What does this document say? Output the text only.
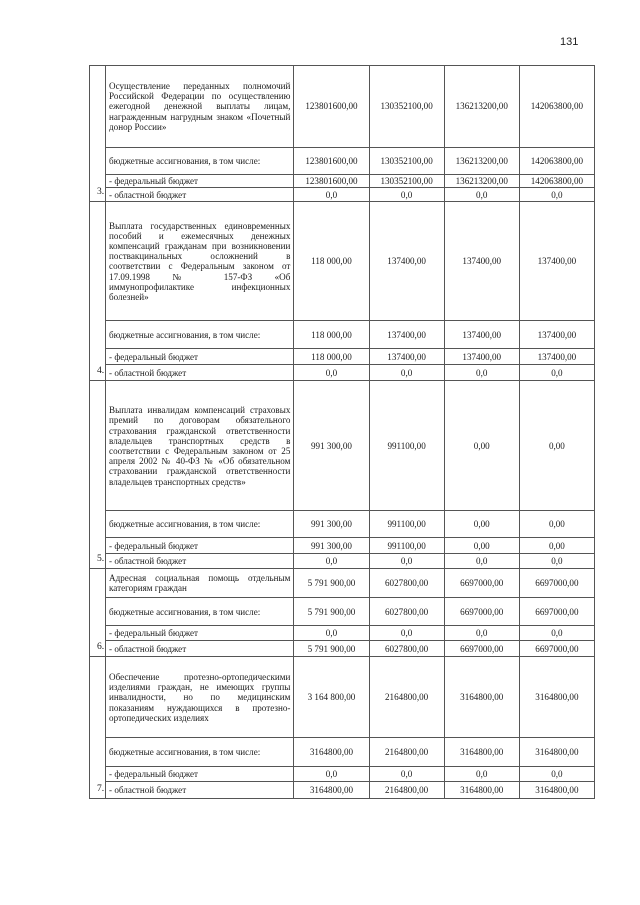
131
3.	Осуществление переданных полномочий Российской Федерации по осуществлению ежегодной денежной выплаты лицам, награжденным нагрудным знаком «Почетный донор России»	123801600,00	130352100,00	136213200,00	142063800,00
	бюджетные ассигнования, в том числе:	123801600,00	130352100,00	136213200,00	142063800,00
	- федеральный бюджет	123801600,00	130352100,00	136213200,00	142063800,00
	- областной бюджет	0,0	0,0	0,0	0,0
4.	Выплата государственных единовременных пособий и ежемесячных денежных компенсаций гражданам при возникновении поствакцинальных осложнений в соответствии с Федеральным законом от 17.09.1998 № 157-ФЗ «Об иммунопрофилактике инфекционных болезней»	118 000,00	137400,00	137400,00	137400,00
	бюджетные ассигнования, в том числе:	118 000,00	137400,00	137400,00	137400,00
	- федеральный бюджет	118 000,00	137400,00	137400,00	137400,00
	- областной бюджет	0,0	0,0	0,0	0,0
5.	Выплата инвалидам компенсаций страховых премий по договорам обязательного страхования гражданской ответственности владельцев транспортных средств в соответствии с Федеральным законом от 25 апреля 2002 № 40-ФЗ № «Об обязательном страховании гражданской ответственности владельцев транспортных средств»	991 300,00	991100,00	0,00	0,00
	бюджетные ассигнования, в том числе:	991 300,00	991100,00	0,00	0,00
	- федеральный бюджет	991 300,00	991100,00	0,00	0,00
	- областной бюджет	0,0	0,0	0,0	0,0
6.	Адресная социальная помощь отдельным категориям граждан	5 791 900,00	6027800,00	6697000,00	6697000,00
	бюджетные ассигнования, в том числе:	5 791 900,00	6027800,00	6697000,00	6697000,00
	- федеральный бюджет	0,0	0,0	0,0	0,0
	- областной бюджет	5 791 900,00	6027800,00	6697000,00	6697000,00
7.	Обеспечение протезно-ортопедическими изделиями граждан, не имеющих группы инвалидности, но по медицинским показаниям нуждающихся в протезно-ортопедических изделиях	3 164 800,00	2164800,00	3164800,00	3164800,00
	бюджетные ассигнования, в том числе:	3164800,00	2164800,00	3164800,00	3164800,00
	- федеральный бюджет	0,0	0,0	0,0	0,0
	- областной бюджет	3164800,00	2164800,00	3164800,00	3164800,00
